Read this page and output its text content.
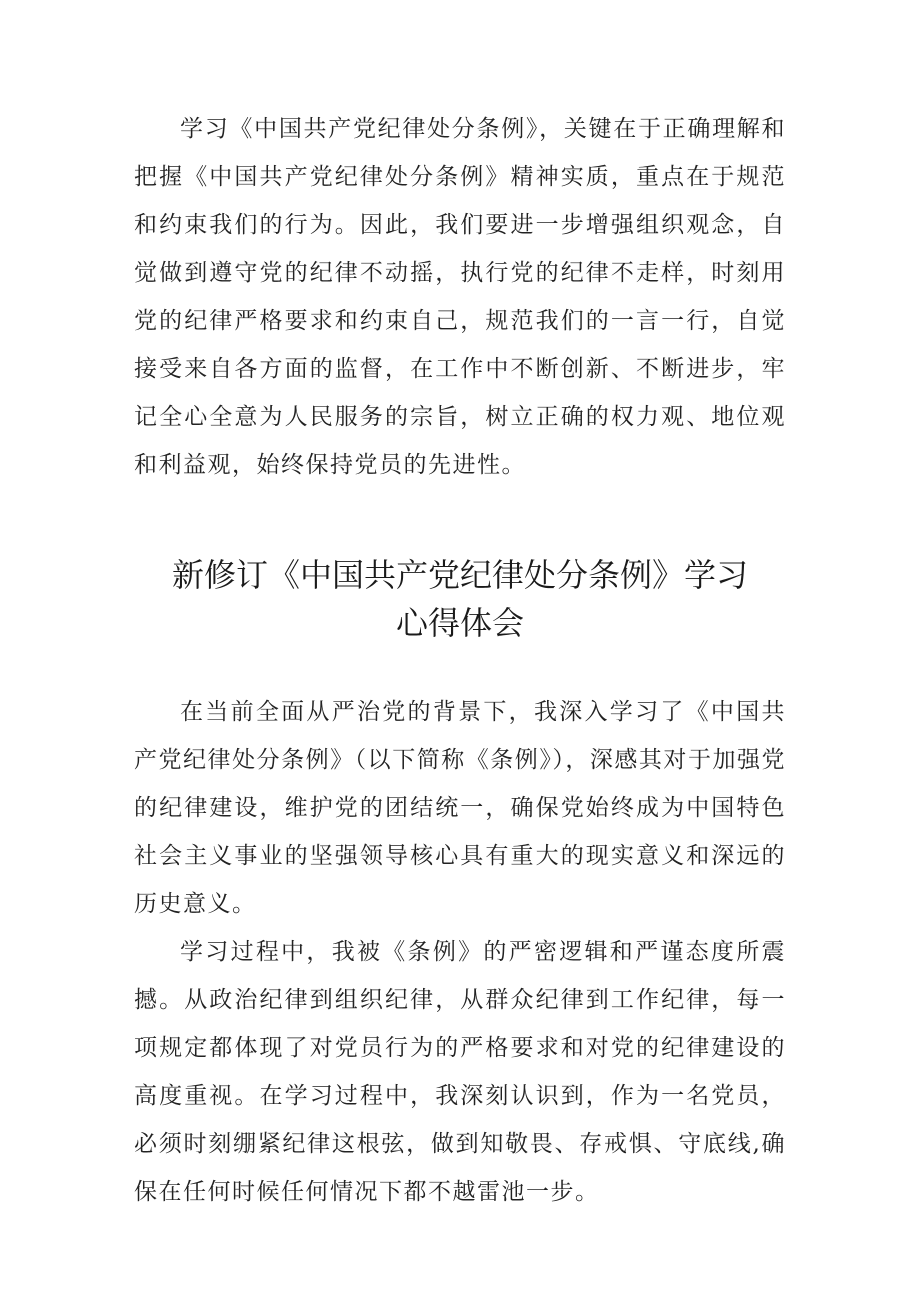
学习《中国共产党纪律处分条例》，关键在于正确理解和把握《中国共产党纪律处分条例》精神实质，重点在于规范和约束我们的行为。因此，我们要进一步增强组织观念，自觉做到遵守党的纪律不动摇，执行党的纪律不走样，时刻用党的纪律严格要求和约束自己，规范我们的一言一行，自觉接受来自各方面的监督，在工作中不断创新、不断进步，牢记全心全意为人民服务的宗旨，树立正确的权力观、地位观和利益观，始终保持党员的先进性。

新修订《中国共产党纪律处分条例》学习
心得体会

在当前全面从严治党的背景下，我深入学习了《中国共产党纪律处分条例》（以下简称《条例》），深感其对于加强党的纪律建设，维护党的团结统一，确保党始终成为中国特色社会主义事业的坚强领导核心具有重大的现实意义和深远的历史意义。

学习过程中，我被《条例》的严密逻辑和严谨态度所震撼。从政治纪律到组织纪律，从群众纪律到工作纪律，每一项规定都体现了对党员行为的严格要求和对党的纪律建设的高度重视。在学习过程中，我深刻认识到，作为一名党员，必须时刻绷紧纪律这根弦，做到知敬畏、存戒惧、守底线,确保在任何时候任何情况下都不越雷池一步。
